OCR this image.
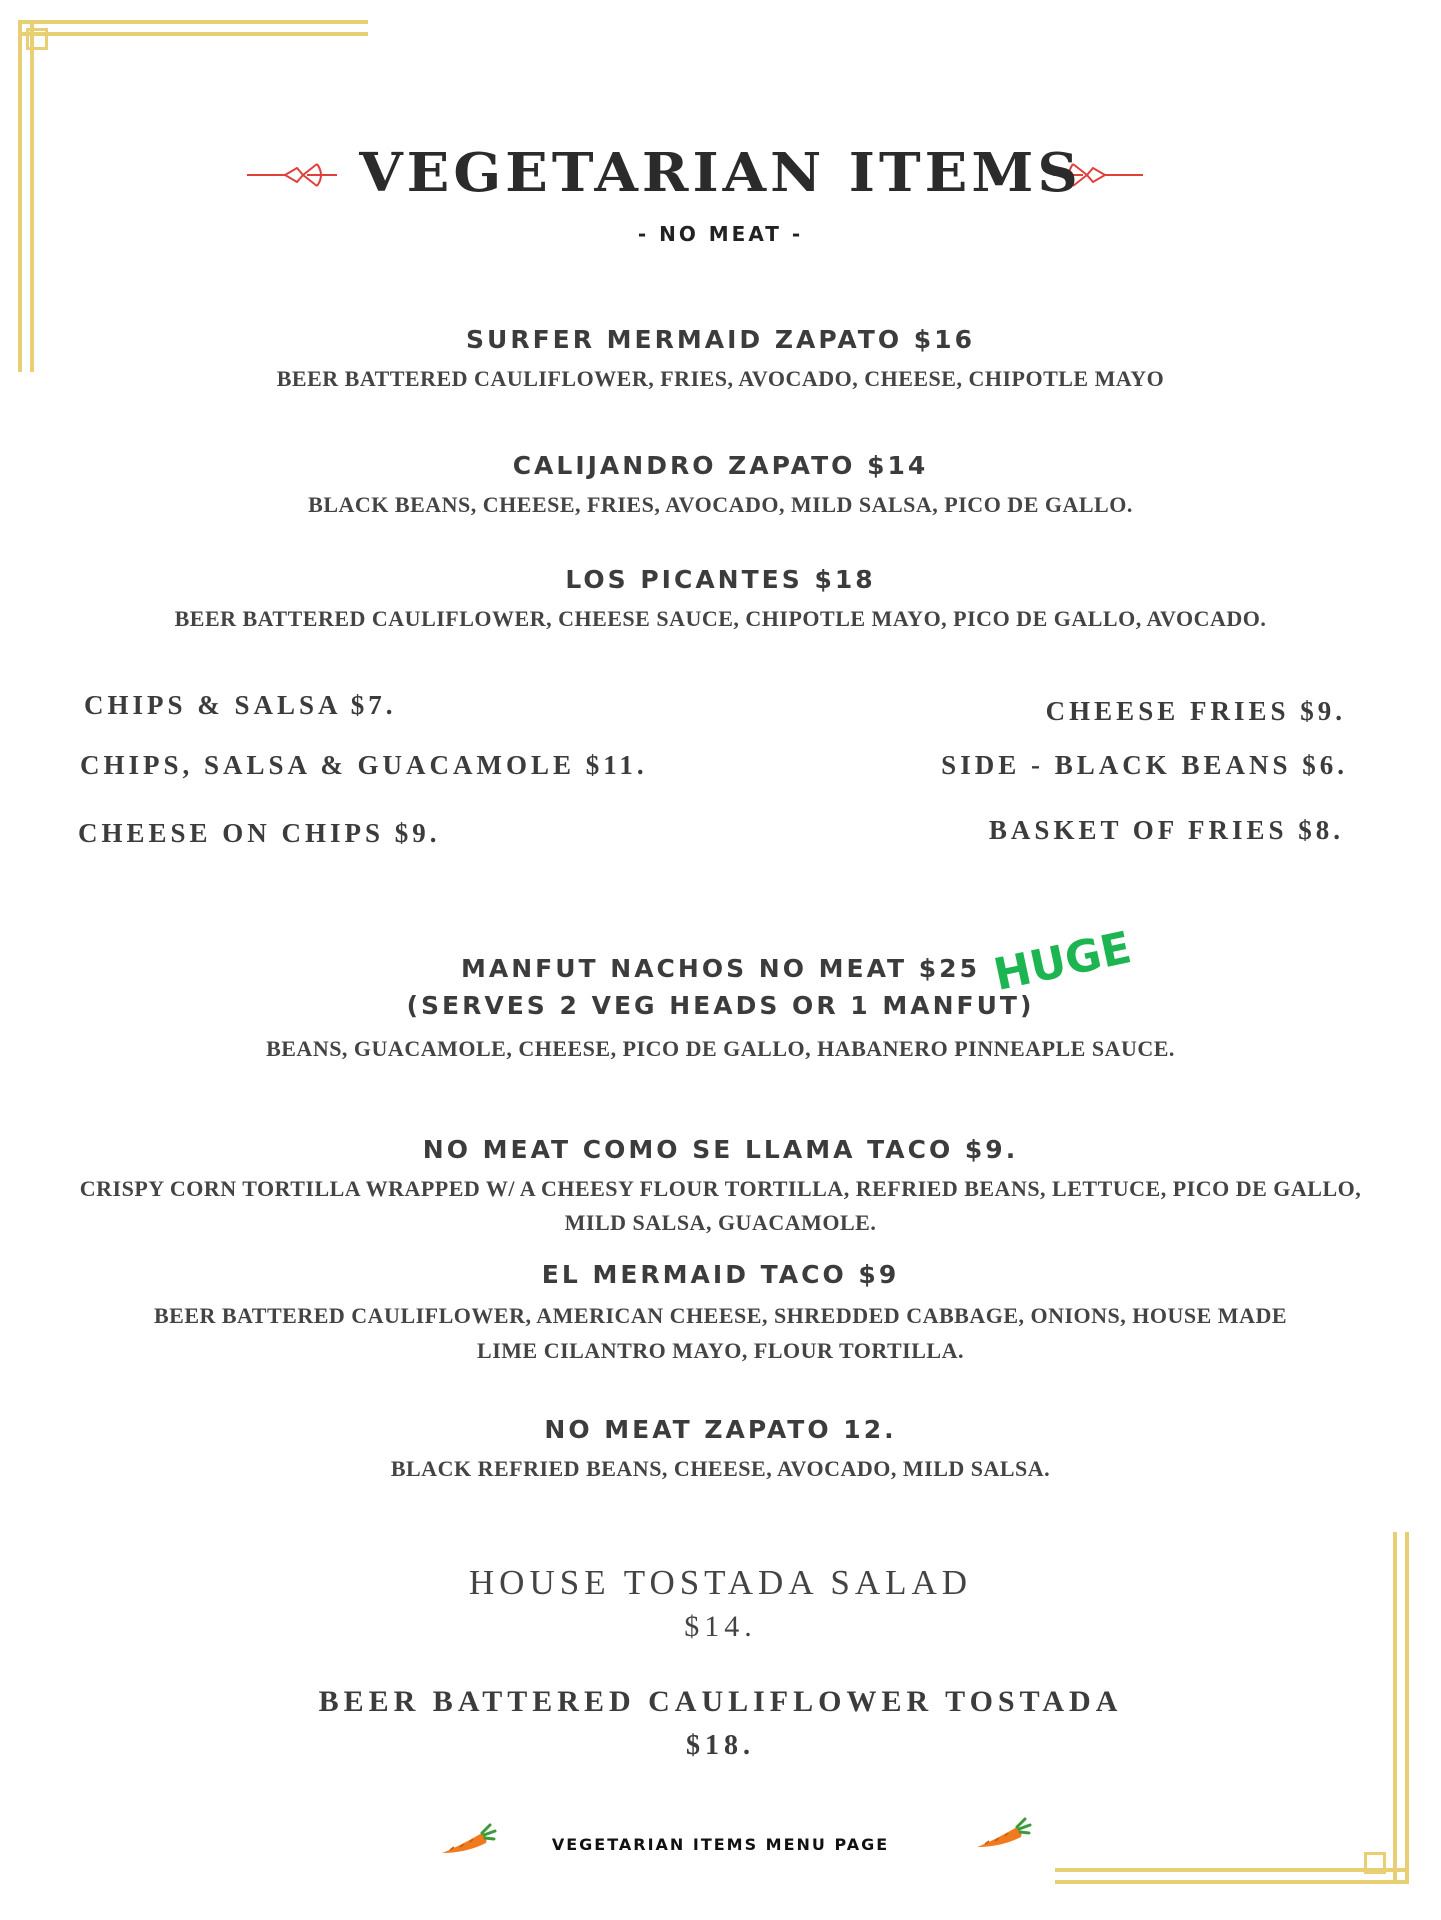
VEGETARIAN ITEMS
- NO MEAT -
SURFER MERMAID ZAPATO $16
BEER BATTERED CAULIFLOWER, FRIES, AVOCADO, CHEESE, CHIPOTLE MAYO
CALIJANDRO ZAPATO $14
BLACK BEANS, CHEESE, FRIES, AVOCADO, MILD SALSA, PICO DE GALLO.
LOS PICANTES $18
BEER BATTERED CAULIFLOWER, CHEESE SAUCE, CHIPOTLE MAYO, PICO DE GALLO, AVOCADO.
CHIPS & SALSA $7.
CHIPS, SALSA & GUACAMOLE $11.
CHEESE ON CHIPS $9.
CHEESE FRIES $9.
SIDE - BLACK BEANS $6.
BASKET OF FRIES $8.
MANFUT NACHOS NO MEAT $25
(SERVES 2 VEG HEADS OR 1 MANFUT)
HUGE
BEANS, GUACAMOLE, CHEESE, PICO DE GALLO, HABANERO PINNEAPLE SAUCE.
NO MEAT COMO SE LLAMA TACO $9.
CRISPY CORN TORTILLA WRAPPED W/ A CHEESY FLOUR TORTILLA, REFRIED BEANS, LETTUCE, PICO DE GALLO,
MILD SALSA, GUACAMOLE.
EL MERMAID TACO $9
BEER BATTERED CAULIFLOWER, AMERICAN CHEESE, SHREDDED CABBAGE, ONIONS, HOUSE MADE
LIME CILANTRO MAYO, FLOUR TORTILLA.
NO MEAT ZAPATO 12.
BLACK REFRIED BEANS, CHEESE, AVOCADO, MILD SALSA.
HOUSE TOSTADA SALAD
$14.
BEER BATTERED CAULIFLOWER TOSTADA
$18.
VEGETARIAN ITEMS MENU PAGE
